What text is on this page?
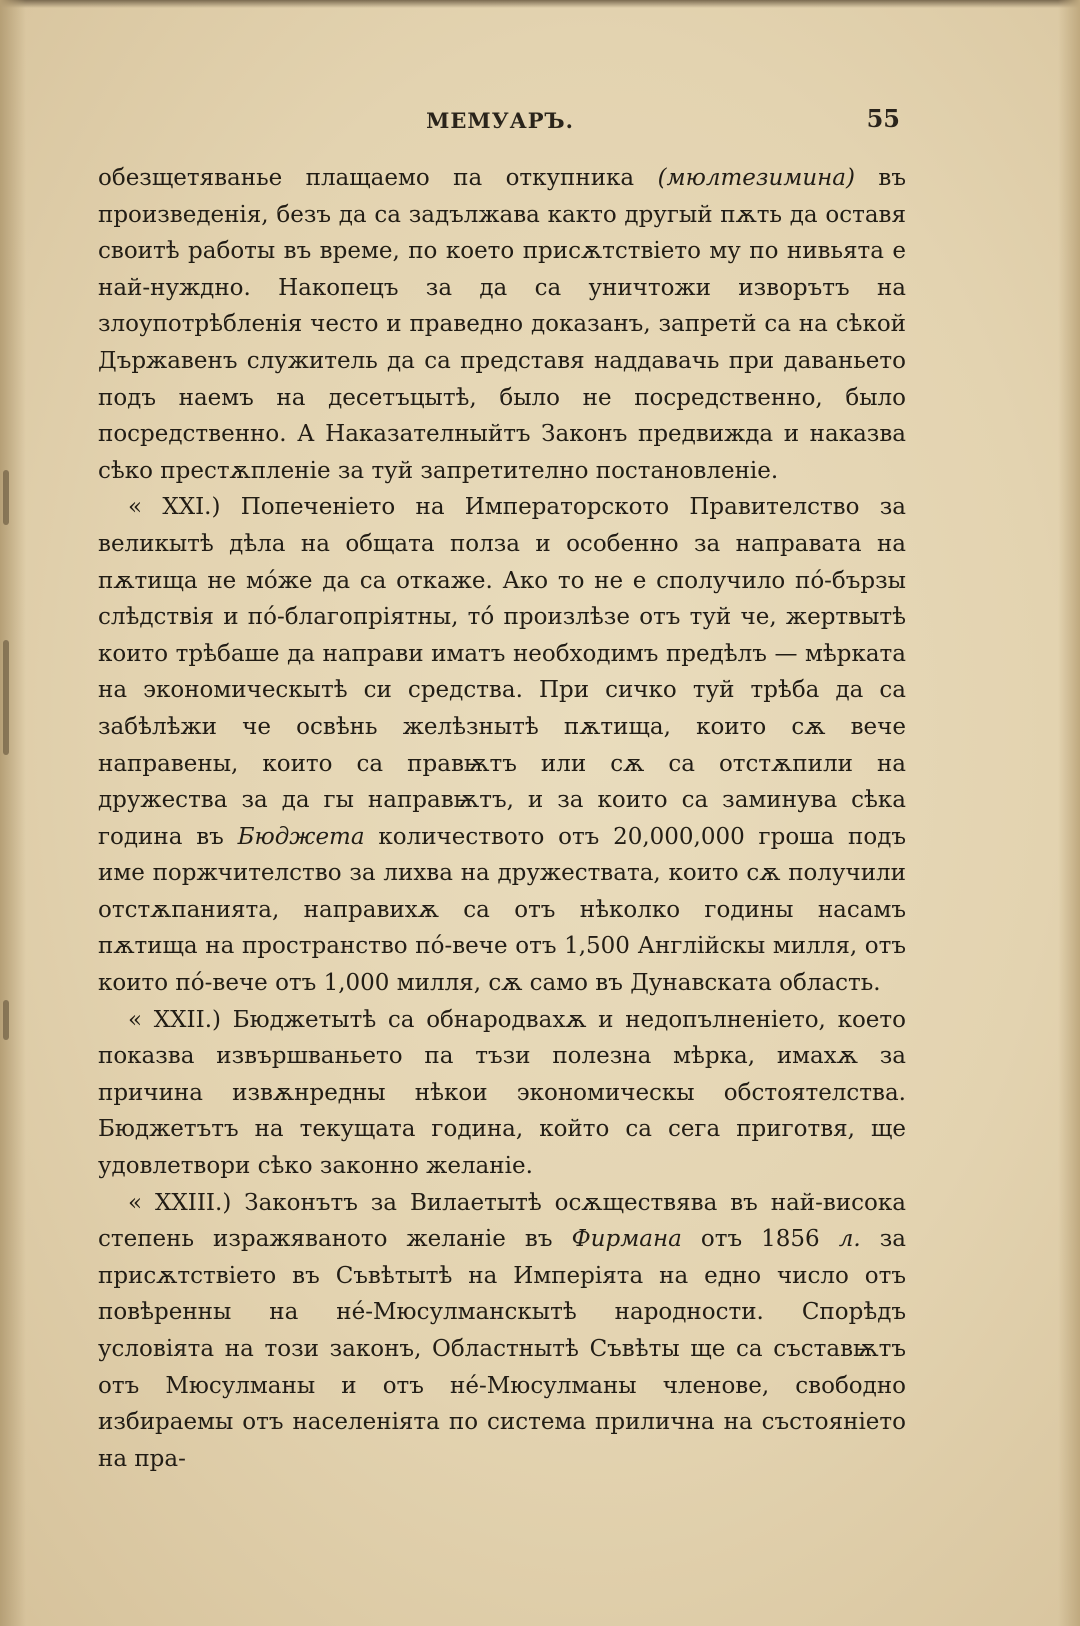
МЕМУАРЪ.	55

обезщетяванье плащаемо па откупника (мюлтезимина) въ произведенія, безъ да са задължава както другый пѫть да оставя своитѣ работы въ време, по което присѫтствіето му по нивьята е най-нуждно. Накопецъ за да са уничтожи изворътъ на злоупотрѣбленія често и праведно доказанъ, запретй са на сѣкой Държавенъ служитель да са представя наддавачь при даваньето подъ наемъ на десетъцытѣ, было не посредственно, было посредственно. А Наказателныйтъ Законъ предвижда и наказва сѣко престѫпленіе за туй запретително постановленіе.

« XXI.) Попеченіето на Императорското Правителство за великытѣ дѣла на общата полза и особенно за направата на пѫтища не мóже да са откаже. Ако то не е сполучило пó-бързы слѣдствія и пó-благопріятны, тó произлѣзе отъ туй че, жертвытѣ които трѣбаше да направи иматъ необходимъ предѣлъ — мѣрката на экономическытѣ си средства. При сичко туй трѣба да са забѣлѣжи че освѣнь желѣзнытѣ пѫтища, които сѫ вече направены, които са правѭтъ или сѫ са отстѫпили на дружества за да гы направѭтъ, и за които са заминува сѣка година въ Бюджета количеството отъ 20,000,000 гроша подъ име поржчителство за лихва на дружествата, които сѫ получили отстѫпанията, направихѫ са отъ нѣколко годины насамъ пѫтища на пространство пó-вече отъ 1,500 Англійскы милля, отъ които пó-вече отъ 1,000 милля, сѫ само въ Дунавската область.

« XXII.) Бюджетытѣ са обнародвахѫ и недопълненіето, което показва извършваньето па тъзи полезна мѣрка, имахѫ за причина извѫнредны нѣкои экономическы обстоятелства. Бюджетътъ на текущата година, който са сега приготвя, ще удовлетвори сѣко законно желаніе.

« XXIII.) Законътъ за Вилаетытѣ осѫществява въ най-висока степень изражяваното желаніе въ Фирмана отъ 1856 л. за присѫтствіето въ Съвѣтытѣ на Имперіята на едно число отъ повѣренны на нé-Мюсулманскытѣ народности. Спорѣдъ условіята на този законъ, Областнытѣ Съвѣты ще са съставѭтъ отъ Мюсулманы и отъ нé-Мюсулманы членове, свободно избираемы отъ населеніята по система прилична на състояніето на пра-
